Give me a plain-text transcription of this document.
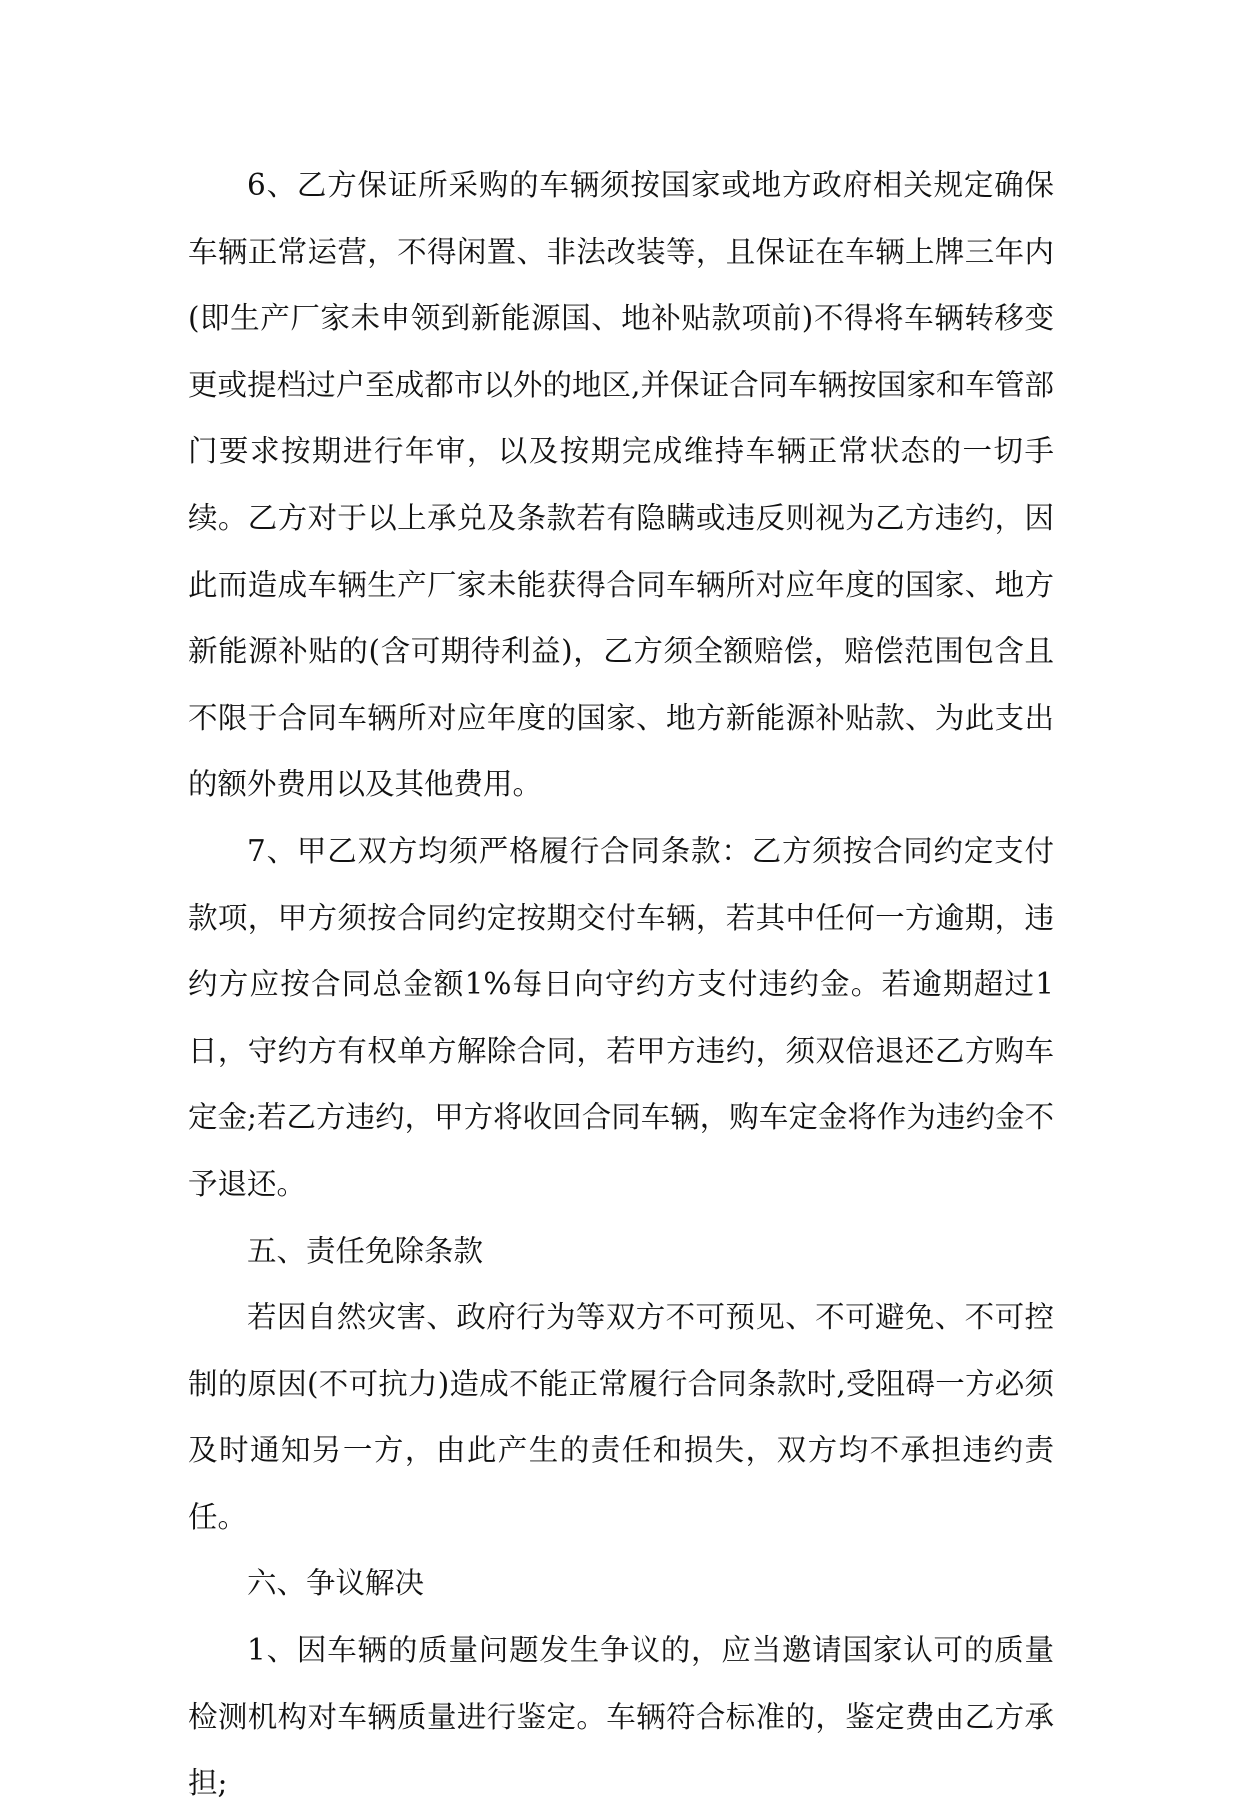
6、乙方保证所采购的车辆须按国家或地方政府相关规定确保车辆正常运营，不得闲置、非法改装等，且保证在车辆上牌三年内(即生产厂家未申领到新能源国、地补贴款项前)不得将车辆转移变更或提档过户至成都市以外的地区,并保证合同车辆按国家和车管部门要求按期进行年审，以及按期完成维持车辆正常状态的一切手续。乙方对于以上承兑及条款若有隐瞒或违反则视为乙方违约，因此而造成车辆生产厂家未能获得合同车辆所对应年度的国家、地方新能源补贴的(含可期待利益)，乙方须全额赔偿，赔偿范围包含且不限于合同车辆所对应年度的国家、地方新能源补贴款、为此支出的额外费用以及其他费用。

7、甲乙双方均须严格履行合同条款：乙方须按合同约定支付款项，甲方须按合同约定按期交付车辆，若其中任何一方逾期，违约方应按合同总金额1%每日向守约方支付违约金。若逾期超过1日，守约方有权单方解除合同，若甲方违约，须双倍退还乙方购车定金;若乙方违约，甲方将收回合同车辆，购车定金将作为违约金不予退还。

五、责任免除条款

若因自然灾害、政府行为等双方不可预见、不可避免、不可控制的原因(不可抗力)造成不能正常履行合同条款时,受阻碍一方必须及时通知另一方，由此产生的责任和损失，双方均不承担违约责任。

六、争议解决

1、因车辆的质量问题发生争议的，应当邀请国家认可的质量检测机构对车辆质量进行鉴定。车辆符合标准的，鉴定费由乙方承担;
